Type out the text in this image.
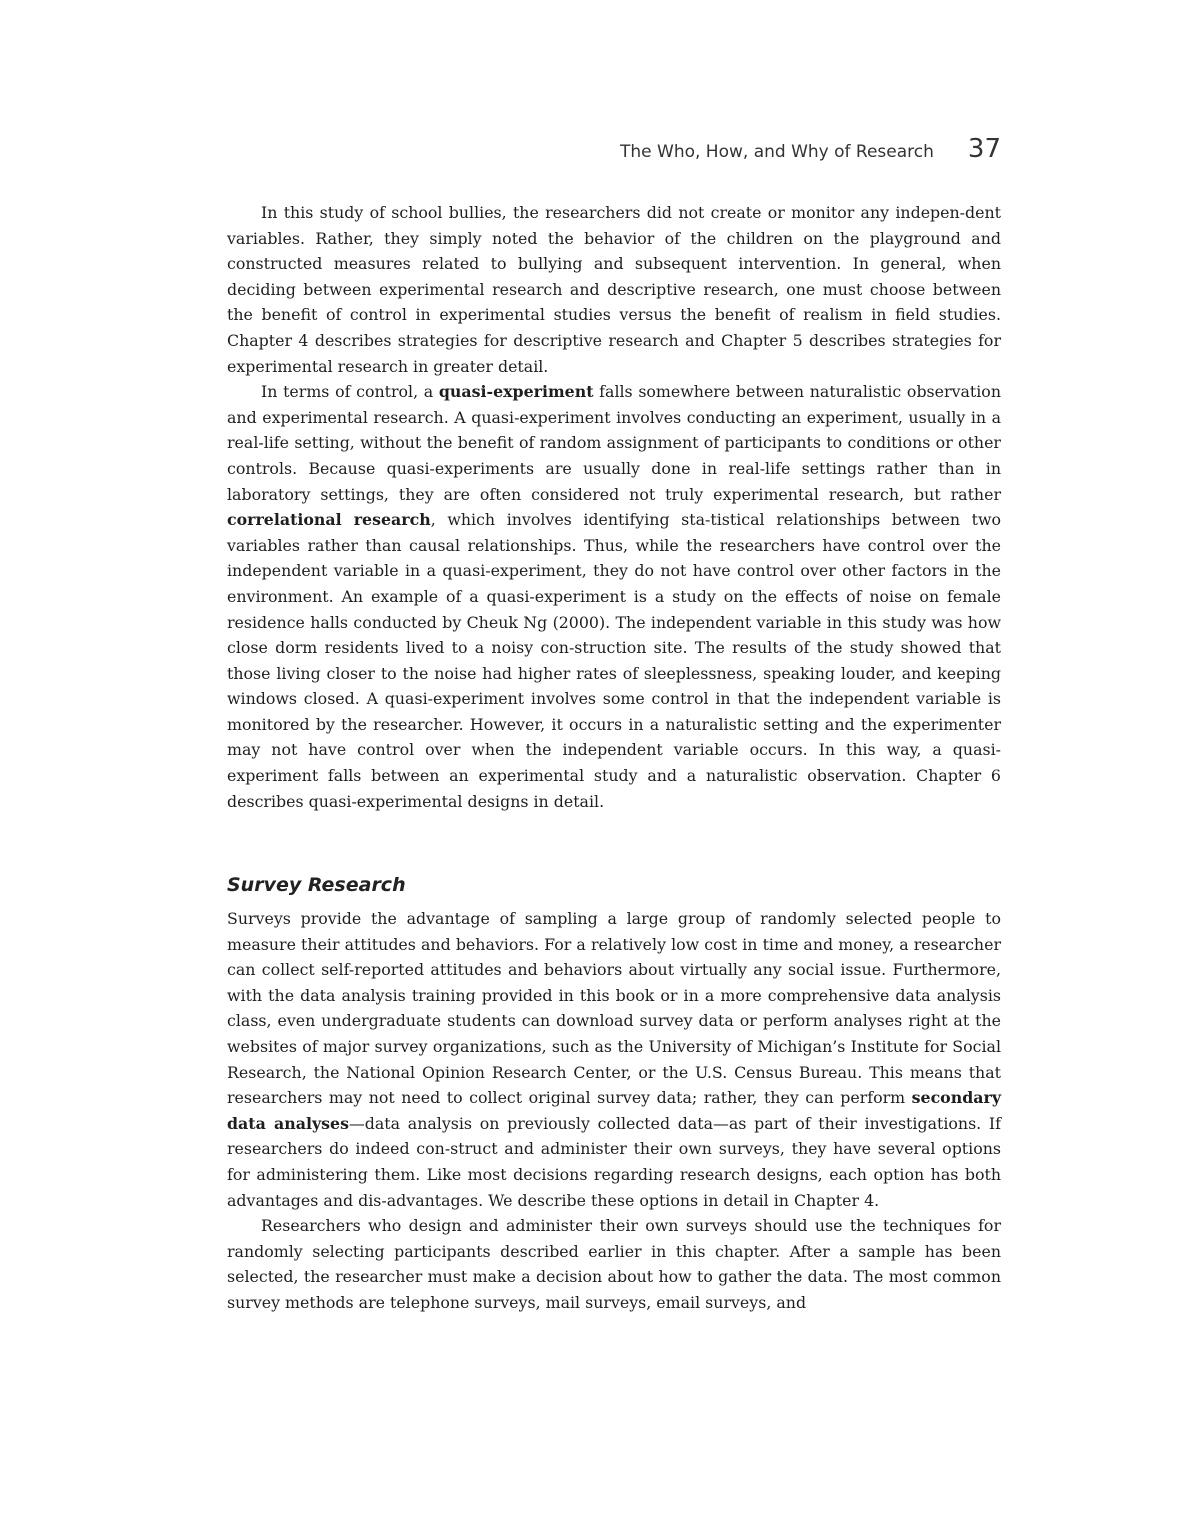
The Who, How, and Why of Research 37

In this study of school bullies, the researchers did not create or monitor any indepen-dent variables. Rather, they simply noted the behavior of the children on the playground and constructed measures related to bullying and subsequent intervention. In general, when deciding between experimental research and descriptive research, one must choose between the benefit of control in experimental studies versus the benefit of realism in field studies. Chapter 4 describes strategies for descriptive research and Chapter 5 describes strategies for experimental research in greater detail.

In terms of control, a quasi-experiment falls somewhere between naturalistic observation and experimental research. A quasi-experiment involves conducting an experiment, usually in a real-life setting, without the benefit of random assignment of participants to conditions or other controls. Because quasi-experiments are usually done in real-life settings rather than in laboratory settings, they are often considered not truly experimental research, but rather correlational research, which involves identifying sta-tistical relationships between two variables rather than causal relationships. Thus, while the researchers have control over the independent variable in a quasi-experiment, they do not have control over other factors in the environment. An example of a quasi-experiment is a study on the effects of noise on female residence halls conducted by Cheuk Ng (2000). The independent variable in this study was how close dorm residents lived to a noisy con-struction site. The results of the study showed that those living closer to the noise had higher rates of sleeplessness, speaking louder, and keeping windows closed. A quasi-experiment involves some control in that the independent variable is monitored by the researcher. However, it occurs in a naturalistic setting and the experimenter may not have control over when the independent variable occurs. In this way, a quasi-experiment falls between an experimental study and a naturalistic observation. Chapter 6 describes quasi-experimental designs in detail.

Survey Research

Surveys provide the advantage of sampling a large group of randomly selected people to measure their attitudes and behaviors. For a relatively low cost in time and money, a researcher can collect self-reported attitudes and behaviors about virtually any social issue. Furthermore, with the data analysis training provided in this book or in a more comprehensive data analysis class, even undergraduate students can download survey data or perform analyses right at the websites of major survey organizations, such as the University of Michigan’s Institute for Social Research, the National Opinion Research Center, or the U.S. Census Bureau. This means that researchers may not need to collect original survey data; rather, they can perform secondary data analyses—data analysis on previously collected data—as part of their investigations. If researchers do indeed con-struct and administer their own surveys, they have several options for administering them. Like most decisions regarding research designs, each option has both advantages and dis-advantages. We describe these options in detail in Chapter 4.

Researchers who design and administer their own surveys should use the techniques for randomly selecting participants described earlier in this chapter. After a sample has been selected, the researcher must make a decision about how to gather the data. The most common survey methods are telephone surveys, mail surveys, email surveys, and
